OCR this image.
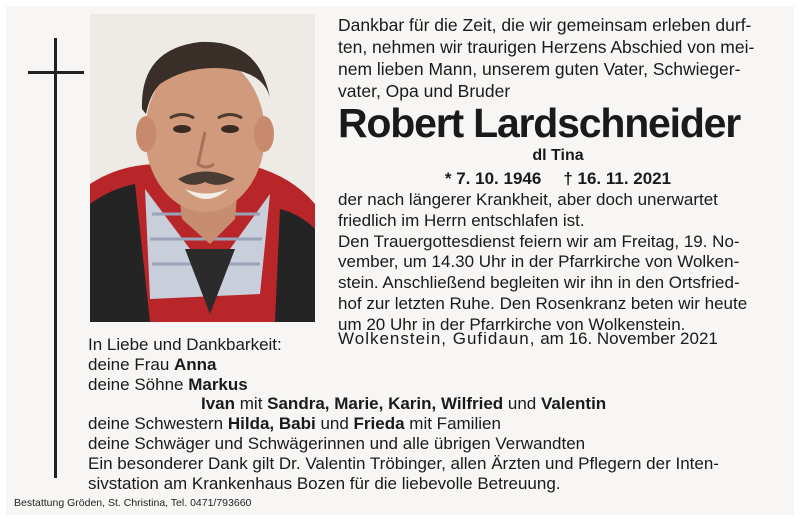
Dankbar für die Zeit, die wir gemeinsam erleben durf-
ten, nehmen wir traurigen Herzens Abschied von mei-
nem lieben Mann, unserem guten Vater, Schwieger-
vater, Opa und Bruder
Robert Lardschneider
dl Tina
* 7. 10. 1946 † 16. 11. 2021
der nach längerer Krankheit, aber doch unerwartet
friedlich im Herrn entschlafen ist.
Den Trauergottesdienst feiern wir am Freitag, 19. No-
vember, um 14.30 Uhr in der Pfarrkirche von Wolken-
stein. Anschließend begleiten wir ihn in den Ortsfried-
hof zur letzten Ruhe. Den Rosenkranz beten wir heute
um 20 Uhr in der Pfarrkirche von Wolkenstein.
Wolkenstein, Gufidaun, am 16. November 2021
In Liebe und Dankbarkeit:
deine Frau Anna
deine Söhne Markus
Ivan mit Sandra, Marie, Karin, Wilfried und Valentin
deine Schwestern Hilda, Babi und Frieda mit Familien
deine Schwäger und Schwägerinnen und alle übrigen Verwandten
Ein besonderer Dank gilt Dr. Valentin Tröbinger, allen Ärzten und Pflegern der Inten-
sivstation am Krankenhaus Bozen für die liebevolle Betreuung.
Bestattung Gröden, St. Christina, Tel. 0471/793660
